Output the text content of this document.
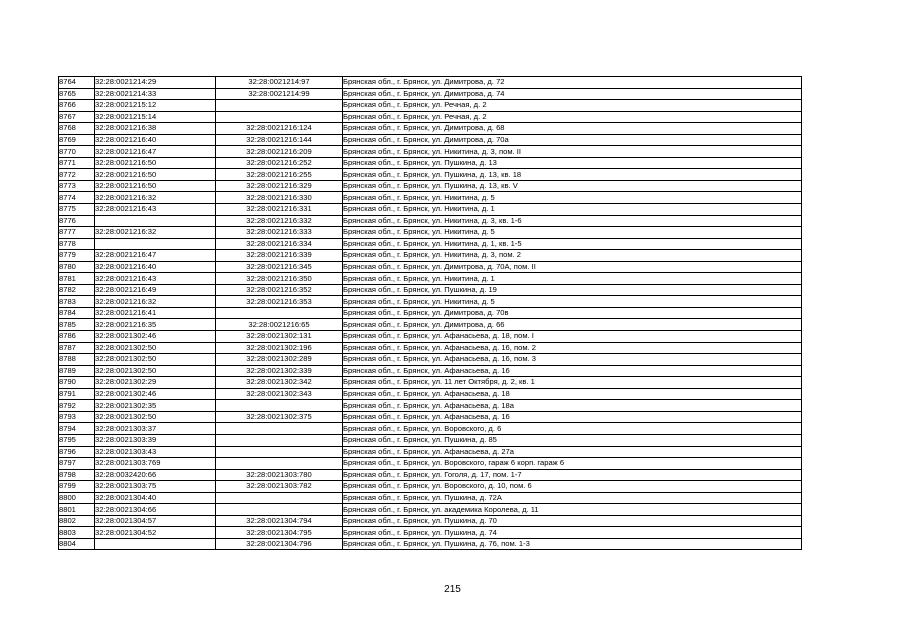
8764	32:28:0021214:29	32:28:0021214:97	Брянская обл., г. Брянск, ул. Димитрова, д. 72
8765	32:28:0021214:33	32:28:0021214:99	Брянская обл., г. Брянск, ул. Димитрова, д. 74
8766	32:28:0021215:12		Брянская обл., г. Брянск, ул. Речная, д. 2
8767	32:28:0021215:14		Брянская обл., г. Брянск, ул. Речная, д. 2
8768	32:28:0021216:38	32:28:0021216:124	Брянская обл., г. Брянск, ул. Димитрова, д. 68
8769	32:28:0021216:40	32:28:0021216:144	Брянская обл., г. Брянск, ул. Димитрова, д. 70а
8770	32:28:0021216:47	32:28:0021216:209	Брянская обл., г. Брянск, ул. Никитина, д. 3, пом. II
8771	32:28:0021216:50	32:28:0021216:252	Брянская обл., г. Брянск, ул. Пушкина, д. 13
8772	32:28:0021216:50	32:28:0021216:255	Брянская обл., г. Брянск, ул. Пушкина, д. 13, кв. 18
8773	32:28:0021216:50	32:28:0021216:329	Брянская обл., г. Брянск, ул. Пушкина, д. 13, кв. V
8774	32:28:0021216:32	32:28:0021216:330	Брянская обл., г. Брянск, ул. Никитина, д. 5
8775	32:28:0021216:43	32:28:0021216:331	Брянская обл., г. Брянск, ул. Никитина, д. 1
8776		32:28:0021216:332	Брянская обл., г. Брянск, ул. Никитина, д. 3, кв. 1-6
8777	32:28:0021216:32	32:28:0021216:333	Брянская обл., г. Брянск, ул. Никитина, д. 5
8778		32:28:0021216:334	Брянская обл., г. Брянск, ул. Никитина, д. 1, кв. 1-5
8779	32:28:0021216:47	32:28:0021216:339	Брянская обл., г. Брянск, ул. Никитина, д. 3, пом. 2
8780	32:28:0021216:40	32:28:0021216:345	Брянская обл., г. Брянск, ул. Димитрова, д. 70А, пом. II
8781	32:28:0021216:43	32:28:0021216:350	Брянская обл., г. Брянск, ул. Никитина, д. 1
8782	32:28:0021216:49	32:28:0021216:352	Брянская обл., г. Брянск, ул. Пушкина, д. 19
8783	32:28:0021216:32	32:28:0021216:353	Брянская обл., г. Брянск, ул. Никитина, д. 5
8784	32:28:0021216:41		Брянская обл., г. Брянск, ул. Димитрова, д. 70в
8785	32:28:0021216:35	32:28:0021216:65	Брянская обл., г. Брянск, ул. Димитрова, д. 66
8786	32:28:0021302:46	32:28:0021302:131	Брянская обл., г. Брянск, ул. Афанасьева, д. 18, пом. I
8787	32:28:0021302:50	32:28:0021302:196	Брянская обл., г. Брянск, ул. Афанасьева, д. 16, пом. 2
8788	32:28:0021302:50	32:28:0021302:289	Брянская обл., г. Брянск, ул. Афанасьева, д. 16, пом. 3
8789	32:28:0021302:50	32:28:0021302:339	Брянская обл., г. Брянск, ул. Афанасьева, д. 16
8790	32:28:0021302:29	32:28:0021302:342	Брянская обл., г. Брянск, ул. 11 лет Октября, д. 2, кв. 1
8791	32:28:0021302:46	32:28:0021302:343	Брянская обл., г. Брянск, ул. Афанасьева, д. 18
8792	32:28:0021302:35		Брянская обл., г. Брянск, ул. Афанасьева, д. 18а
8793	32:28:0021302:50	32:28:0021302:375	Брянская обл., г. Брянск, ул. Афанасьева, д. 16
8794	32:28:0021303:37		Брянская обл., г. Брянск, ул. Воровского, д. 6
8795	32:28:0021303:39		Брянская обл., г. Брянск, ул. Пушкина, д. 85
8796	32:28:0021303:43		Брянская обл., г. Брянск, ул. Афанасьева, д. 27а
8797	32:28:0021303:769		Брянская обл., г. Брянск, ул. Воровского, гараж 6 корп. гараж 6
8798	32:28:0032420:66	32:28:0021303:780	Брянская обл., г. Брянск, ул. Гоголя, д. 17, пом. 1-7
8799	32:28:0021303:75	32:28:0021303:782	Брянская обл., г. Брянск, ул. Воровского, д. 10, пом. 6
8800	32:28:0021304:40		Брянская обл., г. Брянск, ул. Пушкина, д. 72А
8801	32:28:0021304:66		Брянская обл., г. Брянск, ул. академика Королева, д. 11
8802	32:28:0021304:57	32:28:0021304:794	Брянская обл., г. Брянск, ул. Пушкина, д. 70
8803	32:28:0021304:52	32:28:0021304:795	Брянская обл., г. Брянск, ул. Пушкина, д. 74
8804		32:28:0021304:796	Брянская обл., г. Брянск, ул. Пушкина, д. 76, пом. 1-3
215
